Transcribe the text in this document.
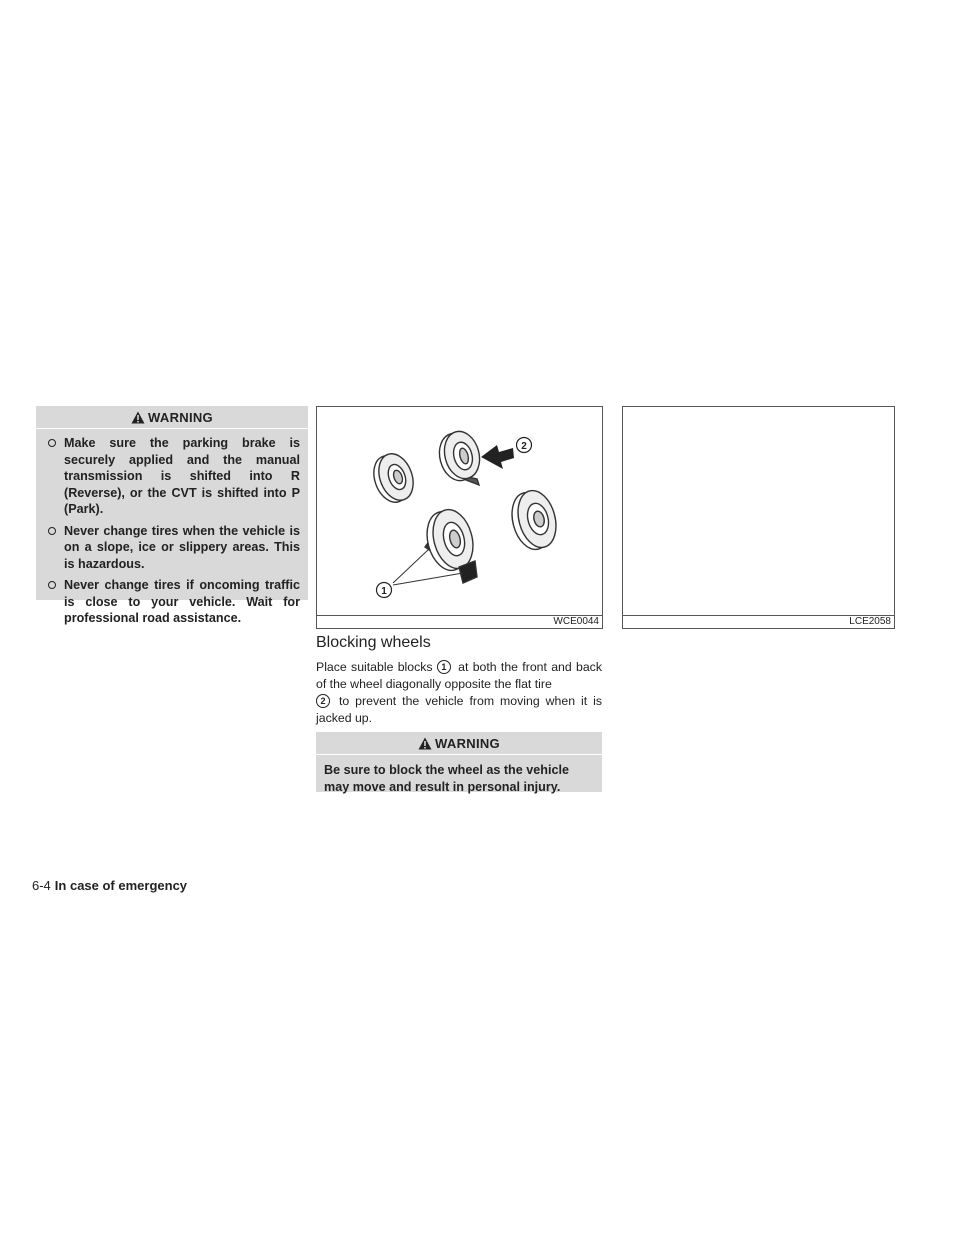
WARNING
Make sure the parking brake is securely applied and the manual transmission is shifted into R (Reverse), or the CVT is shifted into P (Park).
Never change tires when the vehicle is on a slope, ice or slippery areas. This is hazardous.
Never change tires if oncoming traffic is close to your vehicle. Wait for professional road assistance.
1
2
WCE0044	LCE2058
Blocking wheels

Place suitable blocks 1 at both the front and back of the wheel diagonally opposite the flat tire
2 to prevent the vehicle from moving when it is jacked up.

WARNING

Be sure to block the wheel as the vehicle may move and result in personal injury.

6-4 In case of emergency
